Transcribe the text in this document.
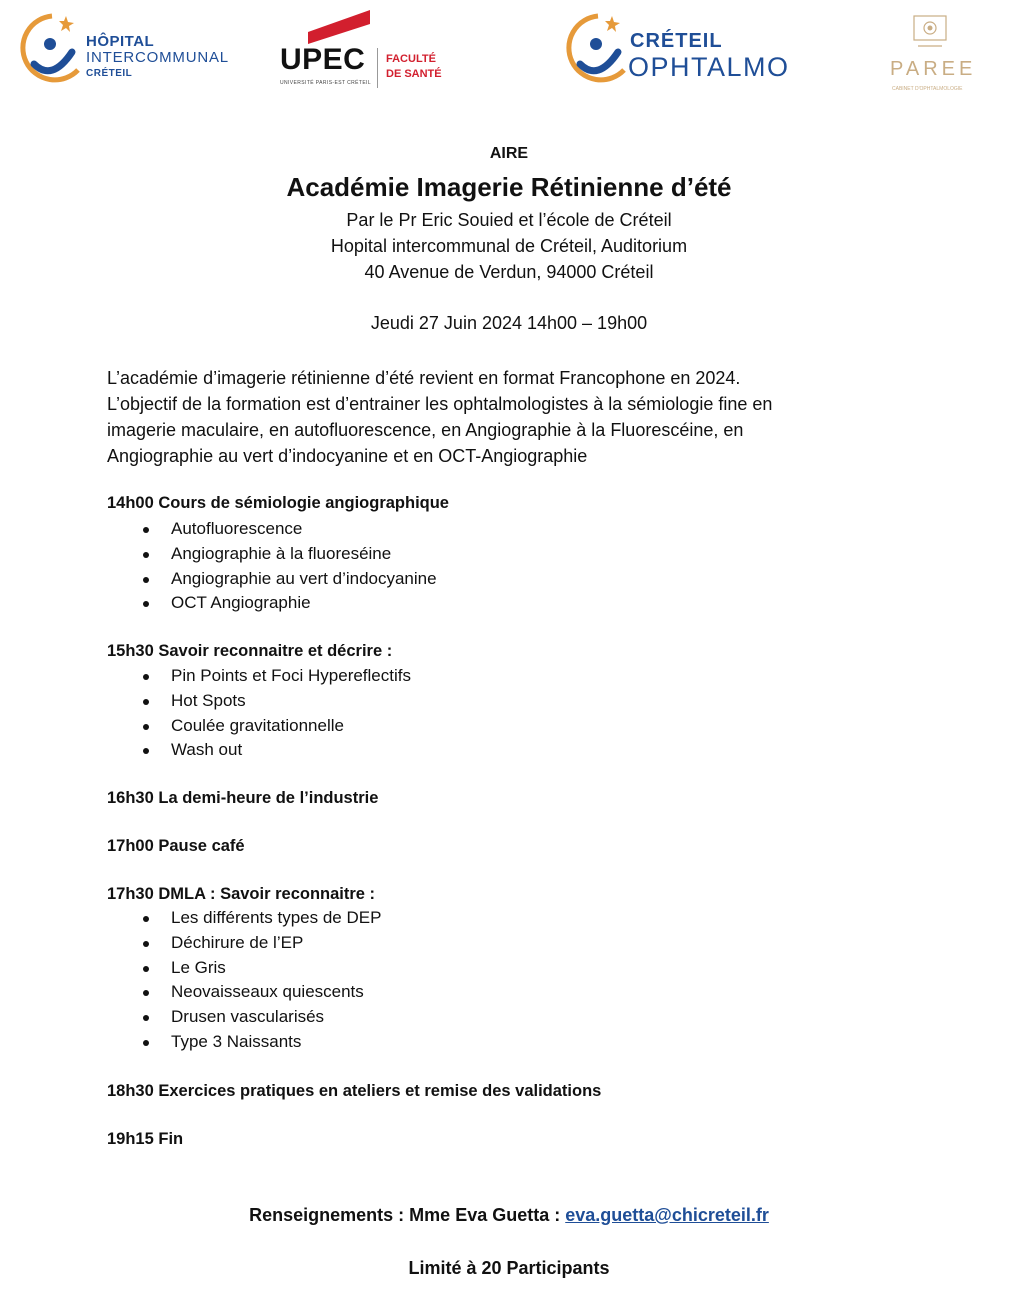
HÔPITAL
INTERCOMMUNAL
CRÉTEIL	UPEC
UNIVERSITÉ PARIS-EST CRÉTEIL
FACULTÉ
DE SANTÉ
CRÉTEIL
OPHTALMO	PAREE
CABINET D'OPHTALMOLOGIE
AIRE
Académie Imagerie Rétinienne d’été
Par le Pr Eric Souied et l’école de Créteil
Hopital intercommunal de Créteil, Auditorium
40 Avenue de Verdun, 94000 Créteil
Jeudi 27 Juin 2024 14h00 – 19h00

L’académie d’imagerie rétinienne d’été revient en format Francophone en 2024.

L’objectif de la formation est d’entrainer les ophtalmologistes à la sémiologie fine en

imagerie maculaire, en autofluorescence, en Angiographie à la Fluorescéine, en

Angiographie au vert d’indocyanine et en OCT-Angiographie

14h00 Cours de sémiologie angiographique
Autofluorescence
Angiographie à la fluoreséine
Angiographie au vert d’indocyanine
OCT Angiographie
15h30 Savoir reconnaitre et décrire :
Pin Points et Foci Hypereflectifs
Hot Spots
Coulée gravitationnelle
Wash out
16h30 La demi-heure de l’industrie
17h00 Pause café
17h30 DMLA : Savoir reconnaitre :
Les différents types de DEP
Déchirure de l’EP
Le Gris
Neovaisseaux quiescents
Drusen vascularisés
Type 3 Naissants
18h30 Exercices pratiques en ateliers et remise des validations
19h15 Fin
Renseignements : Mme Eva Guetta : eva.guetta@chicreteil.fr
Limité à 20 Participants
